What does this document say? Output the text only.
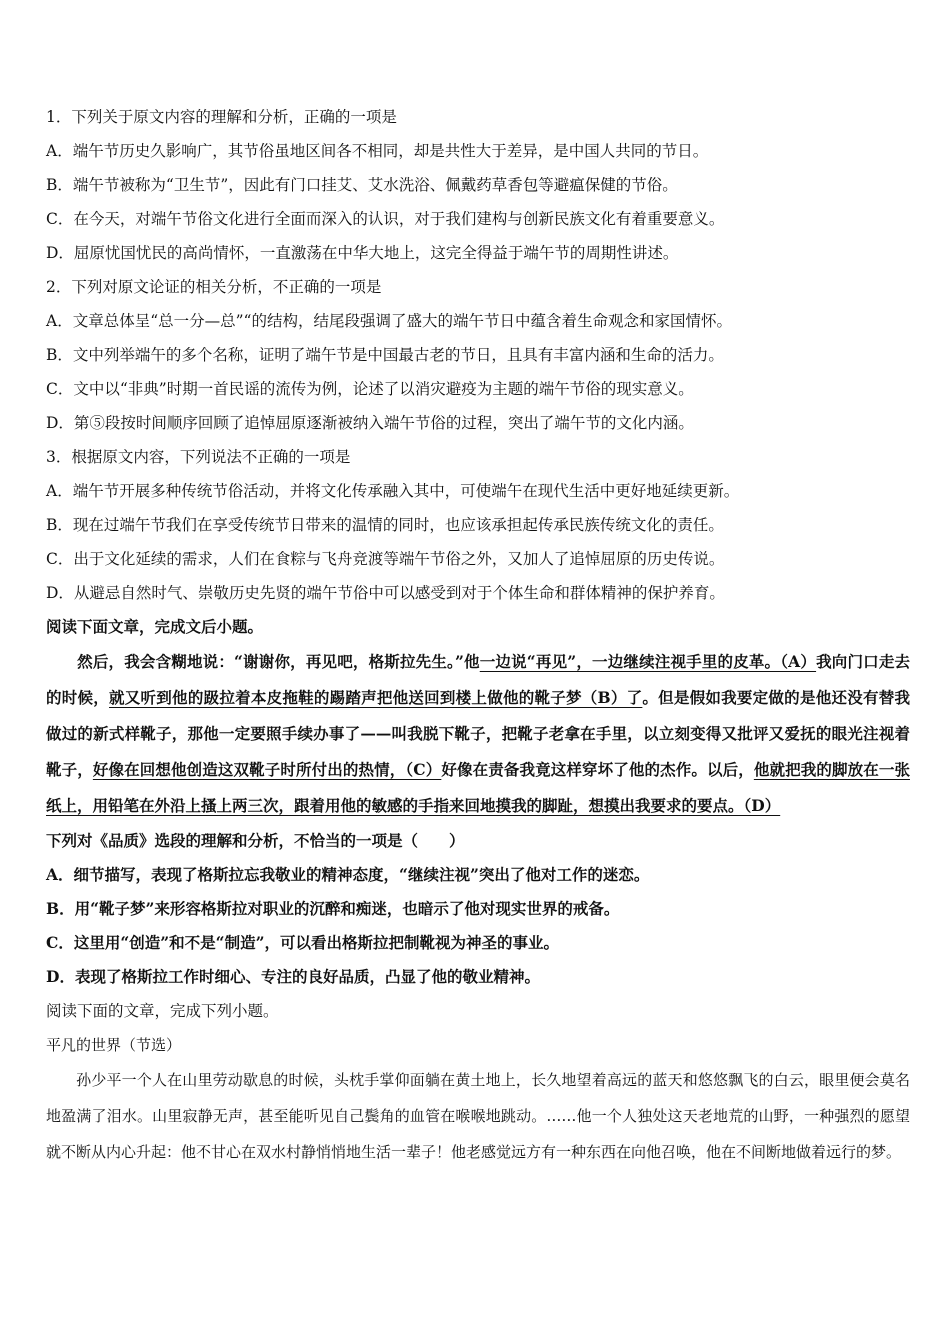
1．下列关于原文内容的理解和分析，正确的一项是
A．端午节历史久影响广，其节俗虽地区间各不相同，却是共性大于差异，是中国人共同的节日。
B．端午节被称为“卫生节”，因此有门口挂艾、艾水洗浴、佩戴药草香包等避瘟保健的节俗。
C．在今天，对端午节俗文化进行全面而深入的认识，对于我们建构与创新民族文化有着重要意义。
D．屈原忧国忧民的高尚情怀，一直激荡在中华大地上，这完全得益于端午节的周期性讲述。
2．下列对原文论证的相关分析，不正确的一项是
A．文章总体呈“总一分—总”“的结构，结尾段强调了盛大的端午节日中蕴含着生命观念和家国情怀。
B．文中列举端午的多个名称，证明了端午节是中国最古老的节日，且具有丰富内涵和生命的活力。
C．文中以“非典”时期一首民谣的流传为例，论述了以消灾避疫为主题的端午节俗的现实意义。
D．第⑤段按时间顺序回顾了追悼屈原逐渐被纳入端午节俗的过程，突出了端午节的文化内涵。
3．根据原文内容，下列说法不正确的一项是
A．端午节开展多种传统节俗活动，并将文化传承融入其中，可使端午在现代生活中更好地延续更新。
B．现在过端午节我们在享受传统节日带来的温情的同时，也应该承担起传承民族传统文化的责任。
C．出于文化延续的需求，人们在食粽与飞舟竞渡等端午节俗之外，又加人了追悼屈原的历史传说。
D．从避忌自然时气、崇敬历史先贤的端午节俗中可以感受到对于个体生命和群体精神的保护养育。
阅读下面文章，完成文后小题。
然后，我会含糊地说：“谢谢你，再见吧，格斯拉先生。”他一边说“再见”，一边继续注视手里的皮革。（A）我向门口走去的时候，就又听到他的趿拉着本皮拖鞋的踢踏声把他送回到楼上做他的靴子梦（B）了。但是假如我要定做的是他还没有替我做过的新式样靴子，那他一定要照手续办事了——叫我脱下靴子，把靴子老拿在手里，以立刻变得又批评又爱抚的眼光注视着靴子，好像在回想他创造这双靴子时所付出的热情，（C）好像在责备我竟这样穿坏了他的杰作。以后，他就把我的脚放在一张纸上，用铅笔在外沿上搔上两三次，跟着用他的敏感的手指来回地摸我的脚趾，想摸出我要求的要点。（D）
下列对《品质》选段的理解和分析，不恰当的一项是（　　）
A．细节描写，表现了格斯拉忘我敬业的精神态度，“继续注视”突出了他对工作的迷恋。
B．用“靴子梦”来形容格斯拉对职业的沉醉和痴迷，也暗示了他对现实世界的戒备。
C．这里用“创造”和不是“制造”，可以看出格斯拉把制靴视为神圣的事业。
D．表现了格斯拉工作时细心、专注的良好品质，凸显了他的敬业精神。
阅读下面的文章，完成下列小题。
平凡的世界（节选）
孙少平一个人在山里劳动歇息的时候，头枕手掌仰面躺在黄土地上，长久地望着高远的蓝天和悠悠飘飞的白云，眼里便会莫名地盈满了泪水。山里寂静无声，甚至能听见自己鬓角的血管在喉喉地跳动。……他一个人独处这天老地荒的山野，一种强烈的愿望就不断从内心升起：他不甘心在双水村静悄悄地生活一辈子！他老感觉远方有一种东西在向他召唤，他在不间断地做着远行的梦。
